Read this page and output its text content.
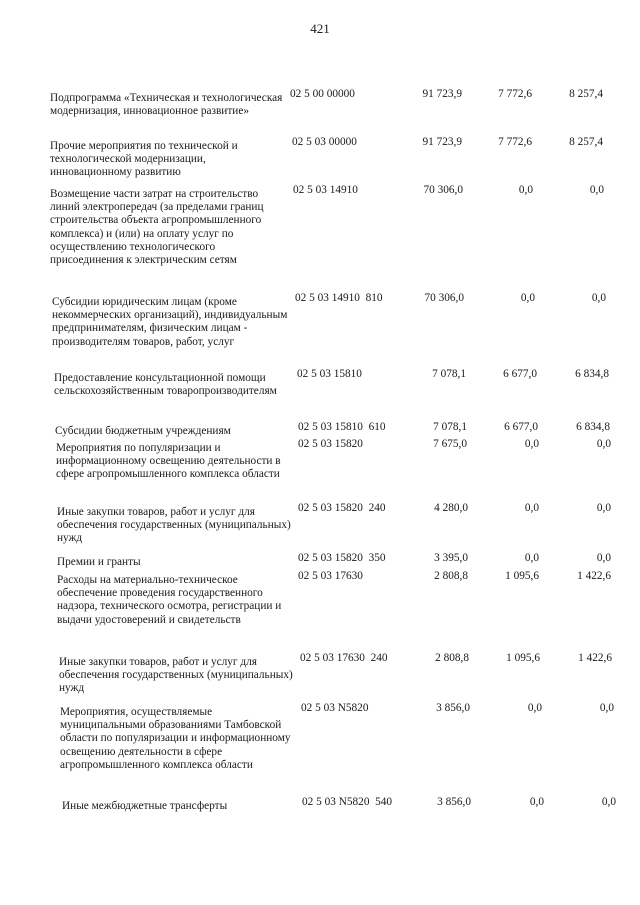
421
Подпрограмма «Техническая и технологическая модернизация, инновационное развитие»
02 5 00 00000	91 723,9	7 772,6	8 257,4
Прочие мероприятия по технической и технологической модернизации, инновационному развитию
02 5 03 00000	91 723,9	7 772,6	8 257,4
Возмещение части затрат на строительство линий электропередач (за пределами границ строительства объекта агропромышленного комплекса) и (или) на оплату услуг по осуществлению технологического присоединения к электрическим сетям
02 5 03 14910	70 306,0	0,0	0,0
Субсидии юридическим лицам (кроме некоммерческих организаций), индивидуальным предпринимателям, физическим лицам - производителям товаров, работ, услуг
02 5 03 14910  810	70 306,0	0,0	0,0
Предоставление консультационной помощи сельскохозяйственным товаропроизводителям
02 5 03 15810	7 078,1	6 677,0	6 834,8
Субсидии бюджетным учреждениям	02 5 03 15810  610	7 078,1	6 677,0	6 834,8
Мероприятия по популяризации и информационному освещению деятельности в сфере агропромышленного комплекса области
02 5 03 15820	7 675,0	0,0	0,0
Иные закупки товаров, работ и услуг для обеспечения государственных (муниципальных) нужд
02 5 03 15820  240	4 280,0	0,0	0,0
Премии и гранты	02 5 03 15820  350	3 395,0	0,0	0,0
Расходы на материально-техническое обеспечение проведения государственного надзора, технического осмотра, регистрации и выдачи удостоверений и свидетельств
02 5 03 17630	2 808,8	1 095,6	1 422,6
Иные закупки товаров, работ и услуг для обеспечения государственных (муниципальных) нужд
02 5 03 17630  240	2 808,8	1 095,6	1 422,6
Мероприятия, осуществляемые муниципальными образованиями Тамбовской области по популяризации и информационному освещению деятельности в сфере агропромышленного комплекса области
02 5 03 N5820	3 856,0	0,0	0,0
Иные межбюджетные трансферты	02 5 03 N5820  540	3 856,0	0,0	0,0
